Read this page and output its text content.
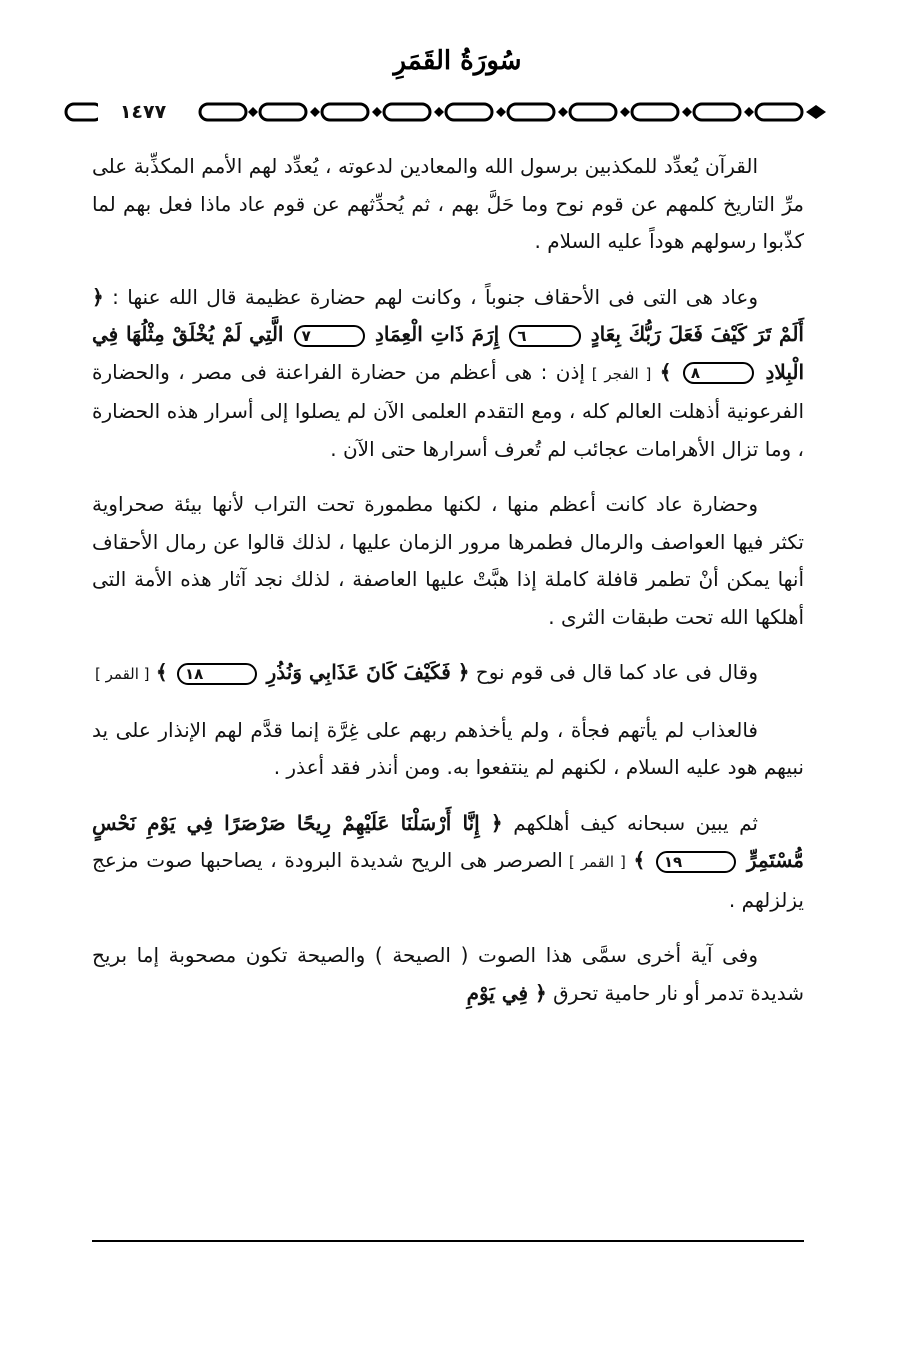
سُورَةُ القَمَرِ
١٤٧٧

القرآن يُعدِّد للمكذبين برسول الله والمعادين لدعوته ، يُعدِّد لهم الأمم المكذِّبة على مرِّ التاريخ كلمهم عن قوم نوح وما حَلَّ بهم ، ثم يُحدِّثهم عن قوم عاد ماذا فعل بهم لما كذّبوا رسولهم هوداً عليه السلام .

وعاد هى التى فى الأحقاف جنوباً ، وكانت لهم حضارة عظيمة قال الله عنها : ﴿ أَلَمْ تَرَ كَيْفَ فَعَلَ رَبُّكَ بِعَادٍ ٦ إِرَمَ ذَاتِ الْعِمَادِ ٧ الَّتِي لَمْ يُخْلَقْ مِثْلُهَا فِي الْبِلادِ ٨ ﴾ [ الفجر ] إذن : هى أعظم من حضارة الفراعنة فى مصر ، والحضارة الفرعونية أذهلت العالم كله ، ومع التقدم العلمى الآن لم يصلوا إلى أسرار هذه الحضارة ، وما تزال الأهرامات عجائب لم تُعرف أسرارها حتى الآن .

وحضارة عاد كانت أعظم منها ، لكنها مطمورة تحت التراب لأنها بيئة صحراوية تكثر فيها العواصف والرمال فطمرها مرور الزمان عليها ، لذلك قالوا عن رمال الأحقاف أنها يمكن أنْ تطمر قافلة كاملة إذا هبَّتْ عليها العاصفة ، لذلك نجد آثار هذه الأمة التى أهلكها الله تحت طبقات الثرى .

وقال فى عاد كما قال فى قوم نوح ﴿ فَكَيْفَ كَانَ عَذَابِي وَنُذُرِ ١٨ ﴾ [ القمر ]

فالعذاب لم يأتهم فجأة ، ولم يأخذهم ربهم على غِرَّة إنما قدَّم لهم الإنذار على يد نبيهم هود عليه السلام ، لكنهم لم ينتفعوا به. ومن أنذر فقد أعذر .

ثم يبين سبحانه كيف أهلكهم ﴿ إِنَّا أَرْسَلْنَا عَلَيْهِمْ رِيحًا صَرْصَرًا فِي يَوْمِ نَحْسٍ مُّسْتَمِرٍّ ١٩ ﴾ [ القمر ] الصرصر هى الريح شديدة البرودة ، يصاحبها صوت مزعج يزلزلهم .

وفى آية أخرى سمَّى هذا الصوت ( الصيحة ) والصيحة تكون مصحوبة إما بريح شديدة تدمر أو نار حامية تحرق ﴿ فِي يَوْمِ
